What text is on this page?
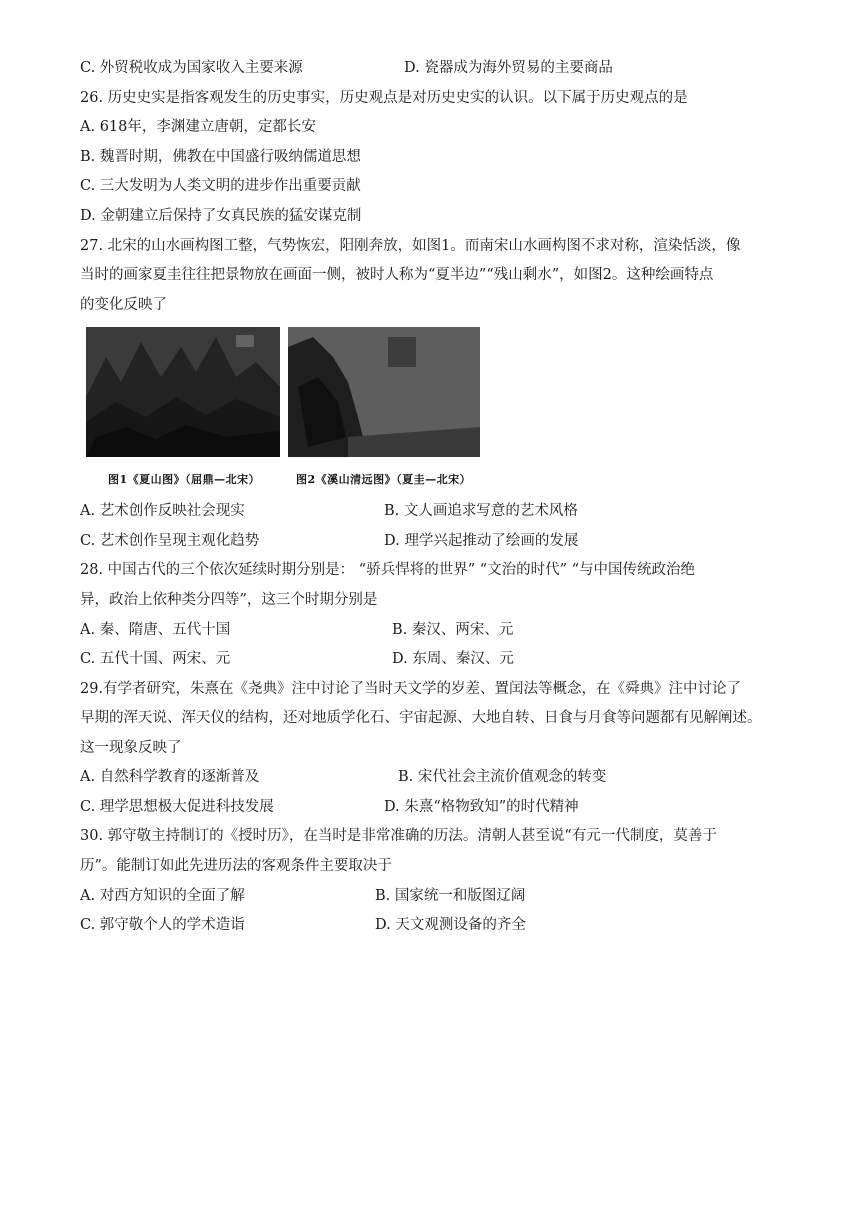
C. 外贸税收成为国家收入主要来源	D. 瓷器成为海外贸易的主要商品
26. 历史史实是指客观发生的历史事实，历史观点是对历史史实的认识。以下属于历史观点的是
A. 618年，李渊建立唐朝，定都长安
B. 魏晋时期，佛教在中国盛行吸纳儒道思想
C. 三大发明为人类文明的进步作出重要贡献
D. 金朝建立后保持了女真民族的猛安谋克制
27. 北宋的山水画构图工整，气势恢宏，阳刚奔放，如图1。而南宋山水画构图不求对称，渲染恬淡，像
当时的画家夏圭往往把景物放在画面一侧，被时人称为“夏半边”“残山剩水”，如图2。这种绘画特点
的变化反映了
图1《夏山图》（屈鼎—北宋）	图2《溪山清远图》（夏圭—北宋）
A. 艺术创作反映社会现实	B. 文人画追求写意的艺术风格
C. 艺术创作呈现主观化趋势	D. 理学兴起推动了绘画的发展
28. 中国古代的三个依次延续时期分别是： “骄兵悍将的世界” “文治的时代” “与中国传统政治绝
异，政治上依种类分四等”，这三个时期分别是
A. 秦、隋唐、五代十国	B. 秦汉、两宋、元
C. 五代十国、两宋、元	D. 东周、秦汉、元
29.有学者研究，朱熹在《尧典》注中讨论了当时天文学的岁差、置闰法等概念，在《舜典》注中讨论了
早期的浑天说、浑天仪的结构，还对地质学化石、宇宙起源、大地自转、日食与月食等问题都有见解阐述。
这一现象反映了
A. 自然科学教育的逐渐普及	B. 宋代社会主流价值观念的转变
C. 理学思想极大促进科技发展	D. 朱熹“格物致知”的时代精神
30. 郭守敬主持制订的《授时历》，在当时是非常准确的历法。清朝人甚至说“有元一代制度，莫善于
历”。能制订如此先进历法的客观条件主要取决于
A. 对西方知识的全面了解	B. 国家统一和版图辽阔
C. 郭守敬个人的学术造诣	D. 天文观测设备的齐全
